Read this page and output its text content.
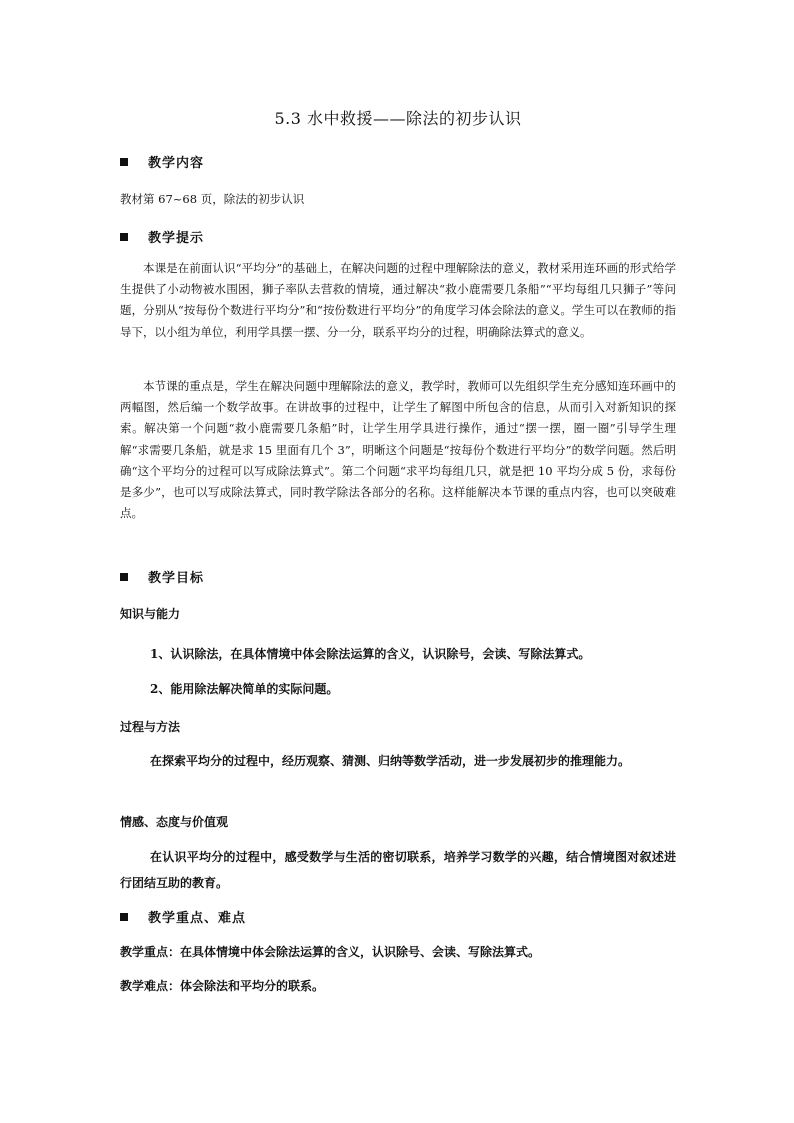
5.3 水中救援——除法的初步认识
教学内容
教材第 67~68 页，除法的初步认识
教学提示

本课是在前面认识“平均分”的基础上，在解决问题的过程中理解除法的意义，教材采用连环画的形式给学生提供了小动物被水围困，狮子率队去营救的情境，通过解决“救小鹿需要几条船”“平均每组几只狮子”等问题，分别从“按每份个数进行平均分”和“按份数进行平均分”的角度学习体会除法的意义。学生可以在教师的指导下，以小组为单位，利用学具摆一摆、分一分，联系平均分的过程，明确除法算式的意义。

本节课的重点是，学生在解决问题中理解除法的意义，教学时，教师可以先组织学生充分感知连环画中的两幅图，然后编一个数学故事。在讲故事的过程中，让学生了解图中所包含的信息，从而引入对新知识的探索。解决第一个问题“救小鹿需要几条船”时，让学生用学具进行操作，通过“摆一摆，圈一圈”引导学生理解“求需要几条船，就是求 15 里面有几个 3”，明晰这个问题是“按每份个数进行平均分”的数学问题。然后明确“这个平均分的过程可以写成除法算式”。第二个问题“求平均每组几只，就是把 10 平均分成 5 份，求每份是多少”，也可以写成除法算式，同时教学除法各部分的名称。这样能解决本节课的重点内容，也可以突破难点。

教学目标
知识与能力
1、认识除法，在具体情境中体会除法运算的含义，认识除号，会读、写除法算式。
2、能用除法解决简单的实际问题。
过程与方法

在探索平均分的过程中，经历观察、猜测、归纳等数学活动，进一步发展初步的推理能力。

情感、态度与价值观

在认识平均分的过程中，感受数学与生活的密切联系，培养学习数学的兴趣，结合情境图对叙述进行团结互助的教育。

教学重点、难点
教学重点：在具体情境中体会除法运算的含义，认识除号、会读、写除法算式。
教学难点：体会除法和平均分的联系。
